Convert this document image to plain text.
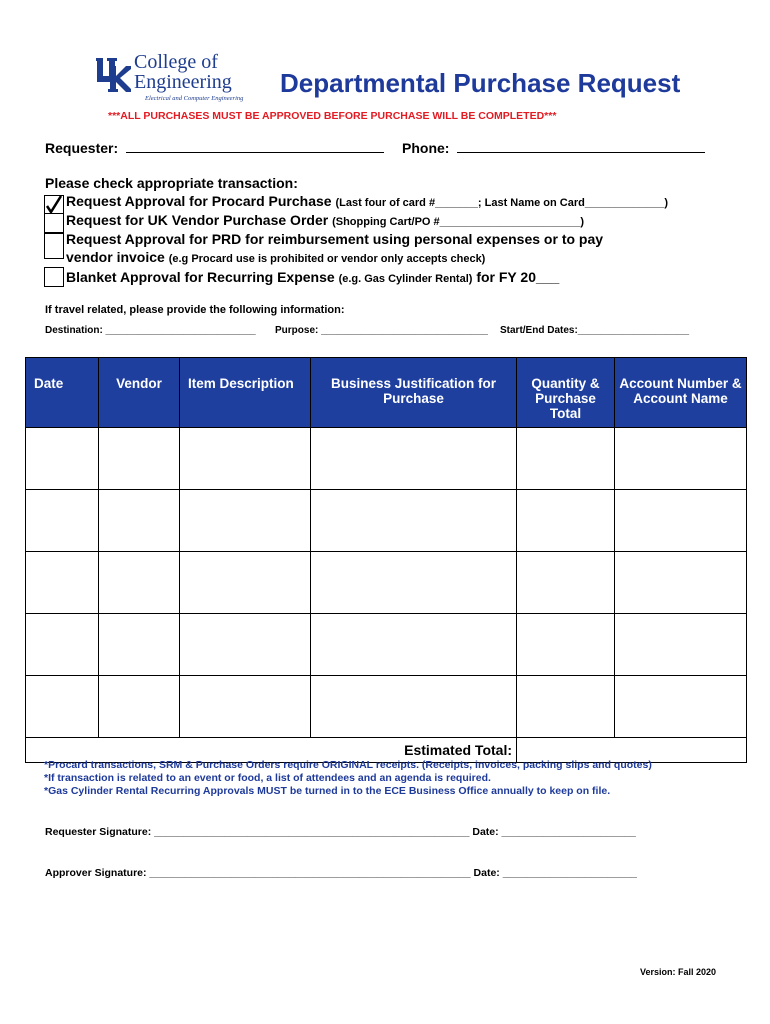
College of
Engineering
Electrical and Computer Engineering
Departmental Purchase Request
***ALL PURCHASES MUST BE APPROVED BEFORE PURCHASE WILL BE COMPLETED***
Requester:	Phone:
Please check appropriate transaction:
Request Approval for Procard Purchase (Last four of card #_______; Last Name on Card_____________)
Request for UK Vendor Purchase Order (Shopping Cart/PO #_______________________)
Request Approval for PRD for reimbursement using personal expenses or to pay
vendor invoice (e.g Procard use is prohibited or vendor only accepts check)
Blanket Approval for Recurring Expense (e.g. Gas Cylinder Rental) for FY 20___
If travel related, please provide the following information:
Destination: ___________________________ Purpose: ______________________________ Start/End Dates:____________________
Date	Vendor	Item Description	Business Justification for Purchase	Quantity & Purchase Total	Account Number & Account Name

Estimated Total:					
*Procard transactions, SRM & Purchase Orders require ORIGINAL receipts. (Receipts, invoices, packing slips and quotes)
*If transaction is related to an event or food, a list of attendees and an agenda is required.
*Gas Cylinder Rental Recurring Approvals MUST be turned in to the ECE Business Office annually to keep on file.
Requester Signature: ______________________________________________________ Date: _______________________
Approver Signature: _______________________________________________________ Date: _______________________
Version: Fall 2020
